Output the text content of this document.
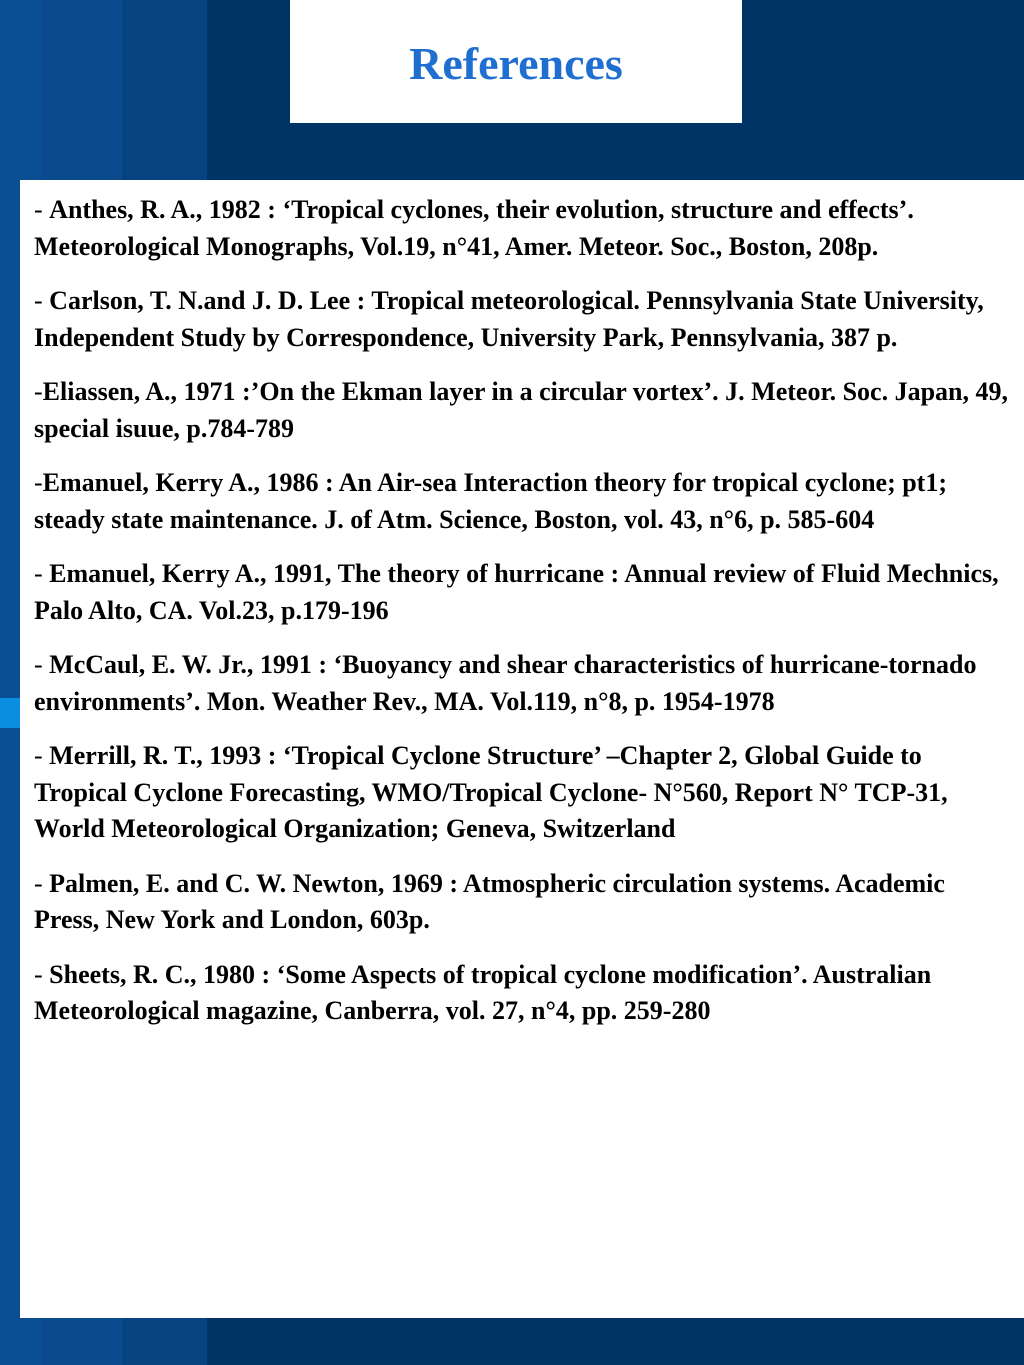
References

- Anthes, R. A., 1982 : ‘Tropical cyclones, their evolution, structure and effects’. Meteorological Monographs, Vol.19, n°41, Amer. Meteor. Soc., Boston, 208p.

- Carlson, T. N.and J. D. Lee : Tropical meteorological. Pennsylvania State University, Independent Study by Correspondence, University Park, Pennsylvania, 387 p.

-Eliassen, A., 1971 :’On the Ekman layer in a circular vortex’. J. Meteor. Soc. Japan, 49, special isuue, p.784-789

-Emanuel, Kerry A., 1986 : An Air-sea Interaction theory for tropical cyclone; pt1; steady state maintenance. J. of Atm. Science, Boston, vol. 43, n°6, p. 585-604

- Emanuel, Kerry A., 1991, The theory of hurricane : Annual review of Fluid Mechnics, Palo Alto, CA. Vol.23, p.179-196

- McCaul, E. W. Jr., 1991 : ‘Buoyancy and shear characteristics of hurricane-tornado environments’. Mon. Weather Rev., MA. Vol.119, n°8, p. 1954-1978

- Merrill, R. T., 1993 : ‘Tropical Cyclone Structure’ –Chapter 2, Global Guide to Tropical Cyclone Forecasting, WMO/Tropical Cyclone- N°560, Report N° TCP-31, World Meteorological Organization; Geneva, Switzerland

- Palmen, E. and C. W. Newton, 1969 : Atmospheric circulation systems. Academic Press, New York and London, 603p.

- Sheets, R. C., 1980 : ‘Some Aspects of tropical cyclone modification’. Australian Meteorological magazine, Canberra, vol. 27, n°4, pp. 259-280
